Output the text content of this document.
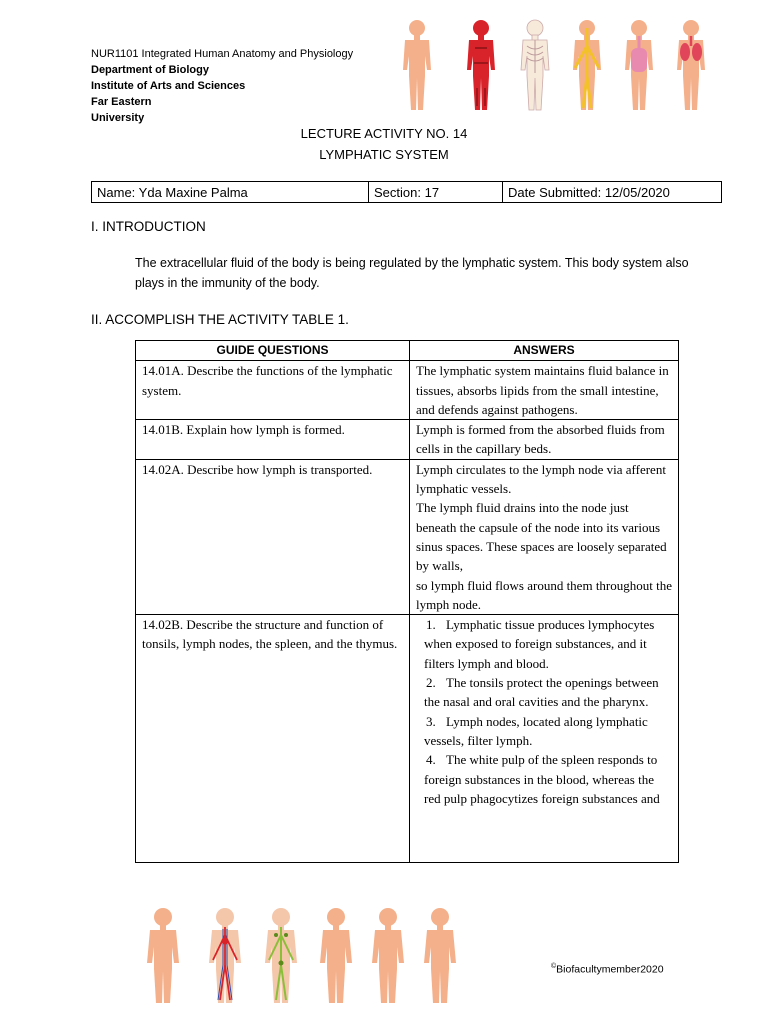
NUR1101 Integrated Human Anatomy and Physiology
Department of Biology
Institute of Arts and Sciences
Far Eastern
University
LECTURE ACTIVITY NO. 14
LYMPHATIC SYSTEM
Name: Yda Maxine Palma	Section: 17	Date Submitted: 12/05/2020
I. INTRODUCTION
The extracellular fluid of the body is being regulated by the lymphatic system. This body system also plays in the immunity of the body.
II. ACCOMPLISH THE ACTIVITY TABLE 1.
GUIDE QUESTIONS	ANSWERS
14.01A. Describe the functions of the lymphatic system.	The lymphatic system maintains fluid balance in tissues, absorbs lipids from the small intestine, and defends against pathogens.
14.01B. Explain how lymph is formed.	Lymph is formed from the absorbed fluids from cells in the capillary beds.
14.02A. Describe how lymph is transported.	Lymph circulates to the lymph node via afferent lymphatic vessels.
The lymph fluid drains into the node just beneath the capsule of the node into its various sinus spaces. These spaces are loosely separated by walls,
so lymph fluid flows around them throughout the lymph node.

14.02B. Describe the structure and function of tonsils, lymph nodes, the spleen, and the thymus.	1. Lymphatic tissue produces lymphocytes when exposed to foreign substances, and it filters lymph and blood.
2. The tonsils protect the openings between the nasal and oral cavities and the pharynx.
3. Lymph nodes, located along lymphatic vessels, filter lymph.
4. The white pulp of the spleen responds to foreign substances in the blood, whereas the red pulp phagocytizes foreign substances and
©Biofacultymember2020
